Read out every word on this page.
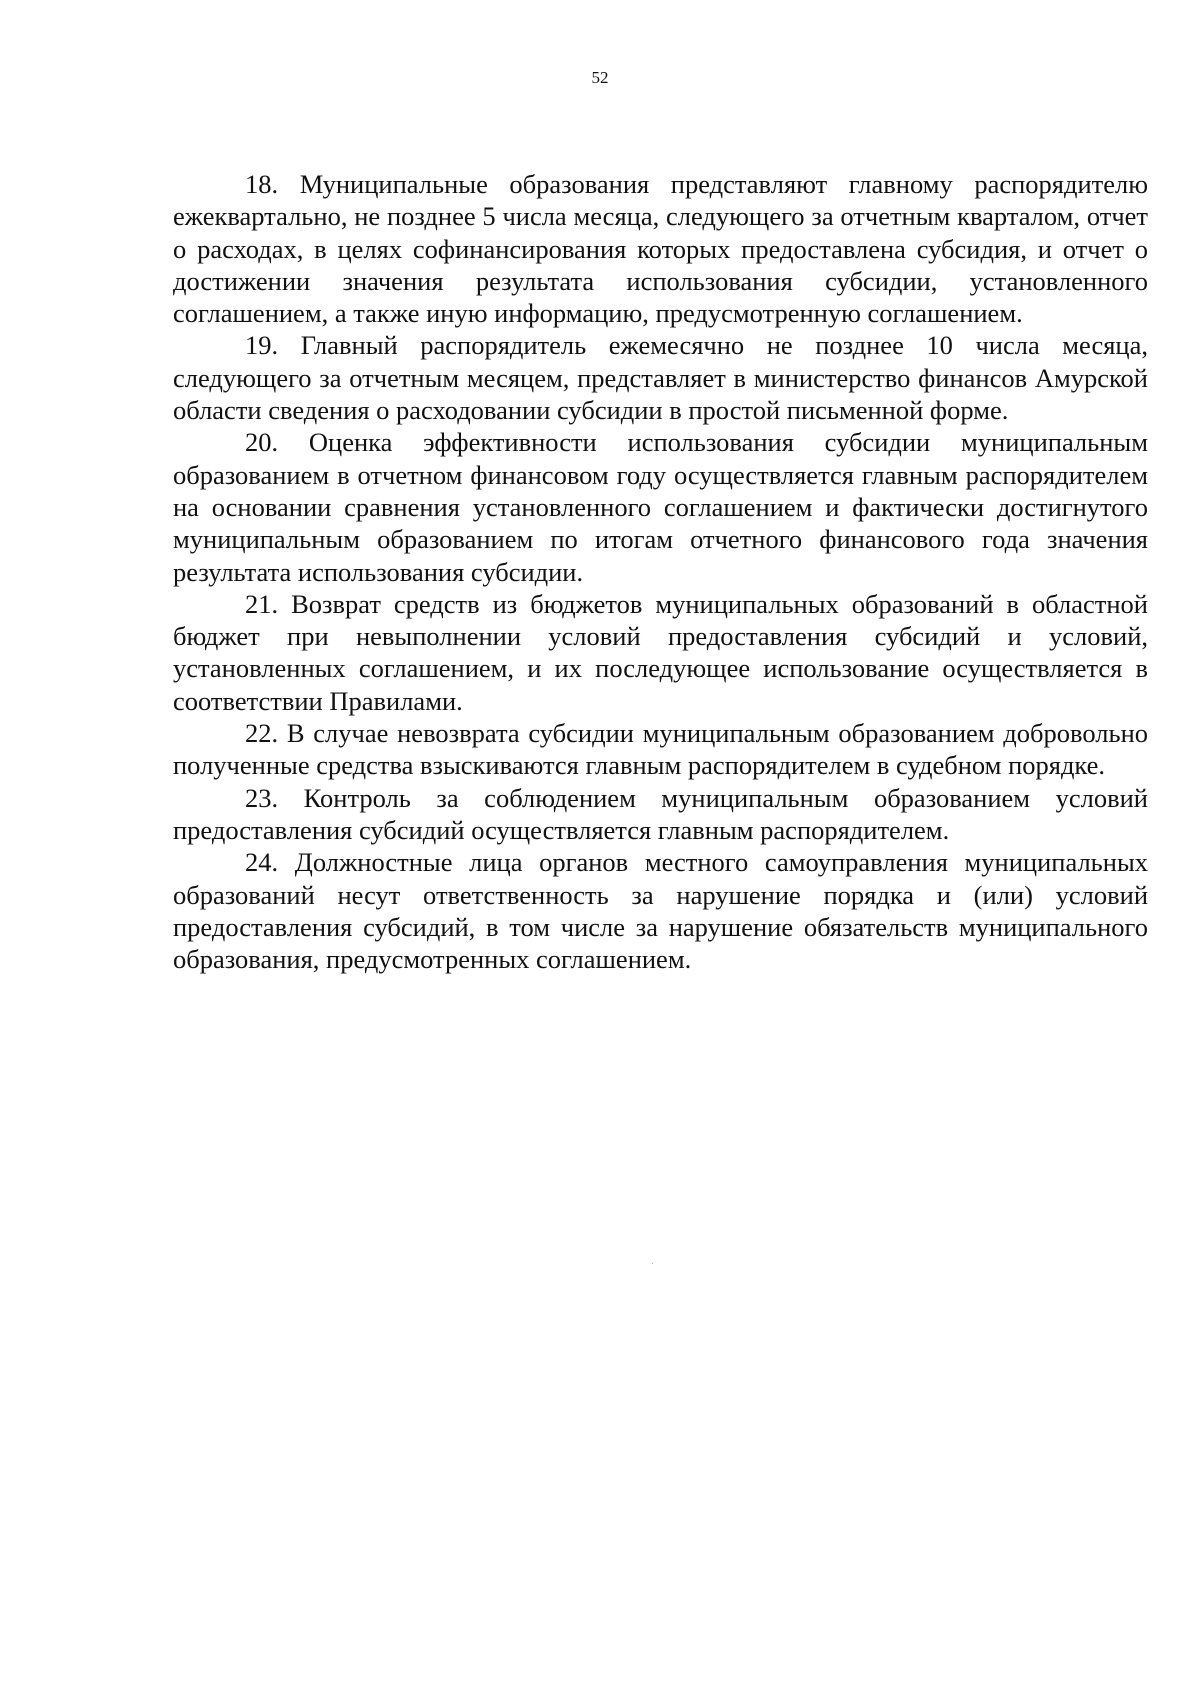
52

18. Муниципальные образования представляют главному распорядителю ежеквартально, не позднее 5 числа месяца, следующего за отчетным кварталом, отчет о расходах, в целях софинансирования которых предоставлена субсидия, и отчет о достижении значения результата использования субсидии, установленного соглашением, а также иную информацию, предусмотренную соглашением.

19. Главный распорядитель ежемесячно не позднее 10 числа месяца, следующего за отчетным месяцем, представляет в министерство финансов Амурской области сведения о расходовании субсидии в простой письменной форме.

20. Оценка эффективности использования субсидии муниципальным образованием в отчетном финансовом году осуществляется главным распорядителем на основании сравнения установленного соглашением и фактически достигнутого муниципальным образованием по итогам отчетного финансового года значения результата использования субсидии.

21. Возврат средств из бюджетов муниципальных образований в областной бюджет при невыполнении условий предоставления субсидий и условий, установленных соглашением, и их последующее использование осуществляется в соответствии Правилами.

22. В случае невозврата субсидии муниципальным образованием добровольно полученные средства взыскиваются главным распорядителем в судебном порядке.

23. Контроль за соблюдением муниципальным образованием условий предоставления субсидий осуществляется главным распорядителем.

24. Должностные лица органов местного самоуправления муниципальных образований несут ответственность за нарушение порядка и (или) условий предоставления субсидий, в том числе за нарушение обязательств муниципального образования, предусмотренных соглашением.
